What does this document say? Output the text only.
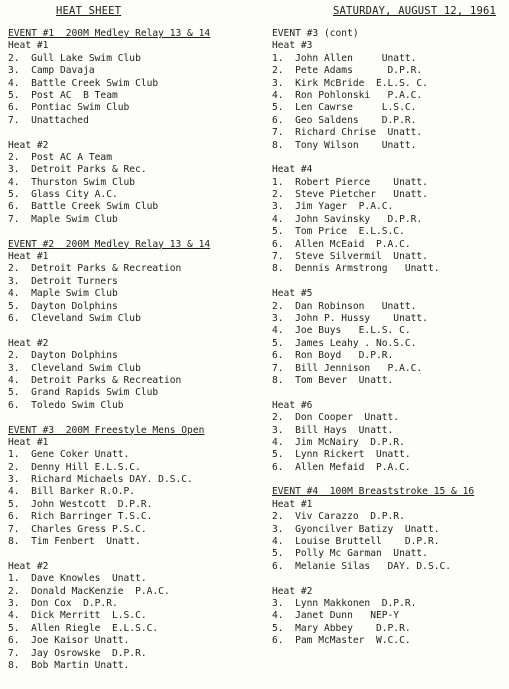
HEAT SHEET	SATURDAY, AUGUST 12, 1961
EVENT #1  200M Medley Relay 13 & 14
Heat #1
2.  Gull Lake Swim Club
3.  Camp Davaja
4.  Battle Creek Swim Club
5.  Post AC  B Team
6.  Pontiac Swim Club
7.  Unattached
Heat #2
2.  Post AC A Team
3.  Detroit Parks & Rec.
4.  Thurston Swim Club
5.  Glass City A.C.
6.  Battle Creek Swim Club
7.  Maple Swim Club
EVENT #2  200M Medley Relay 13 & 14
Heat #1
2.  Detroit Parks & Recreation
3.  Detroit Turners
4.  Maple Swim Club
5.  Dayton Dolphins
6.  Cleveland Swim Club
Heat #2
2.  Dayton Dolphins
3.  Cleveland Swim Club
4.  Detroit Parks & Recreation
5.  Grand Rapids Swim Club
6.  Toledo Swim Club
EVENT #3  200M Freestyle Mens Open
Heat #1
1.  Gene Coker Unatt.
2.  Denny Hill E.L.S.C.
3.  Richard Michaels DAY. D.S.C.
4.  Bill Barker R.O.P.
5.  John Westcott  D.P.R.
6.  Rich Barringer T.S.C.
7.  Charles Gress P.S.C.
8.  Tim Fenbert  Unatt.
Heat #2
1.  Dave Knowles  Unatt.
2.  Donald MacKenzie  P.A.C.
3.  Don Cox  D.P.R.
4.  Dick Merritt  L.S.C.
5.  Allen Riegle  E.L.S.C.
6.  Joe Kaisor Unatt.
7.  Jay Osrowske  D.P.R.
8.  Bob Martin Unatt.
EVENT #3 (cont)
Heat #3
1.  John Allen     Unatt.
2.  Pete Adams      D.P.R.
3.  Kirk McBride  E.L.S. C.
4.  Ron Pohlonski   P.A.C.
5.  Len Cawrse     L.S.C.
6.  Geo Saldens    D.P.R.
7.  Richard Chrise  Unatt.
8.  Tony Wilson    Unatt.
Heat #4
1.  Robert Pierce    Unatt.
2.  Steve Pietcher   Unatt.
3.  Jim Yager  P.A.C.
4.  John Savinsky   D.P.R.
5.  Tom Price  E.L.S.C.
6.  Allen McEaid  P.A.C.
7.  Steve Silvermil  Unatt.
8.  Dennis Armstrong   Unatt.
Heat #5
2.  Dan Robinson   Unatt.
3.  John P. Hussy    Unatt.
4.  Joe Buys   E.L.S. C.
5.  James Leahy . No.S.C.
6.  Ron Boyd   D.P.R.
7.  Bill Jennison   P.A.C.
8.  Tom Bever  Unatt.
Heat #6
2.  Don Cooper  Unatt.
3.  Bill Hays  Unatt.
4.  Jim McNairy  D.P.R.
5.  Lynn Rickert  Unatt.
6.  Allen Mefaid  P.A.C.
EVENT #4  100M Breaststroke 15 & 16
Heat #1
2.  Viv Carazzo  D.P.R.
3.  Gyoncilver Batizy  Unatt.
4.  Louise Bruttell    D.P.R.
5.  Polly Mc Garman  Unatt.
6.  Melanie Silas   DAY. D.S.C.
Heat #2
3.  Lynn Makkonen  D.P.R.
4.  Janet Dunn   NEP-Y
5.  Mary Abbey    D.P.R.
6.  Pam McMaster  W.C.C.
